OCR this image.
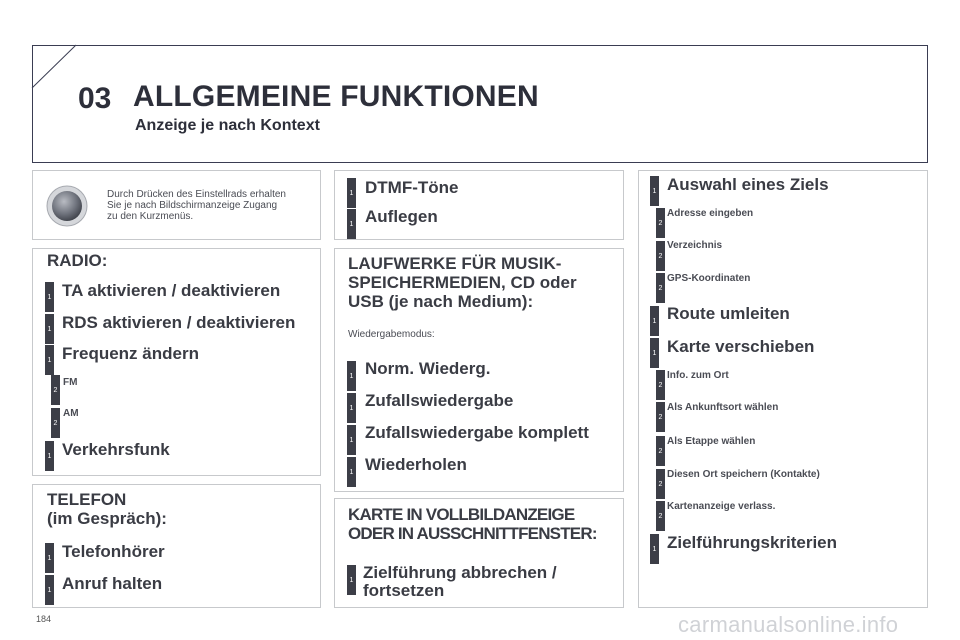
03 ALLGEMEINE FUNKTIONEN
Anzeige je nach Kontext
Durch Drücken des Einstellrads erhalten
Sie je nach Bildschirmanzeige Zugang
zu den Kurzmenüs.
RADIO:
1 TA aktivieren / deaktivieren
1 RDS aktivieren / deaktivieren
1 Frequenz ändern
2
FM
2
AM
1 Verkehrsfunk
TELEFON
(im Gespräch):
1 Telefonhörer
1 Anruf halten
1 DTMF-Töne
1 Auflegen
LAUFWERKE FÜR MUSIK-
SPEICHERMEDIEN, CD oder
USB (je nach Medium):
Wiedergabemodus:
1 Norm. Wiederg.
1 Zufallswiedergabe
1 Zufallswiedergabe komplett
1 Wiederholen
KARTE IN VOLLBILDANZEIGE
ODER IN AUSSCHNITTFENSTER:
1 Zielführung abbrechen /
fortsetzen
1 Auswahl eines Ziels
2
Adresse eingeben
2
Verzeichnis
2
GPS-Koordinaten
1 Route umleiten
1 Karte verschieben
2
Info. zum Ort
2
Als Ankunftsort wählen
2
Als Etappe wählen
2
Diesen Ort speichern (Kontakte)
2
Kartenanzeige verlass.
1 Zielführungskriterien
184	carmanualsonline.info
